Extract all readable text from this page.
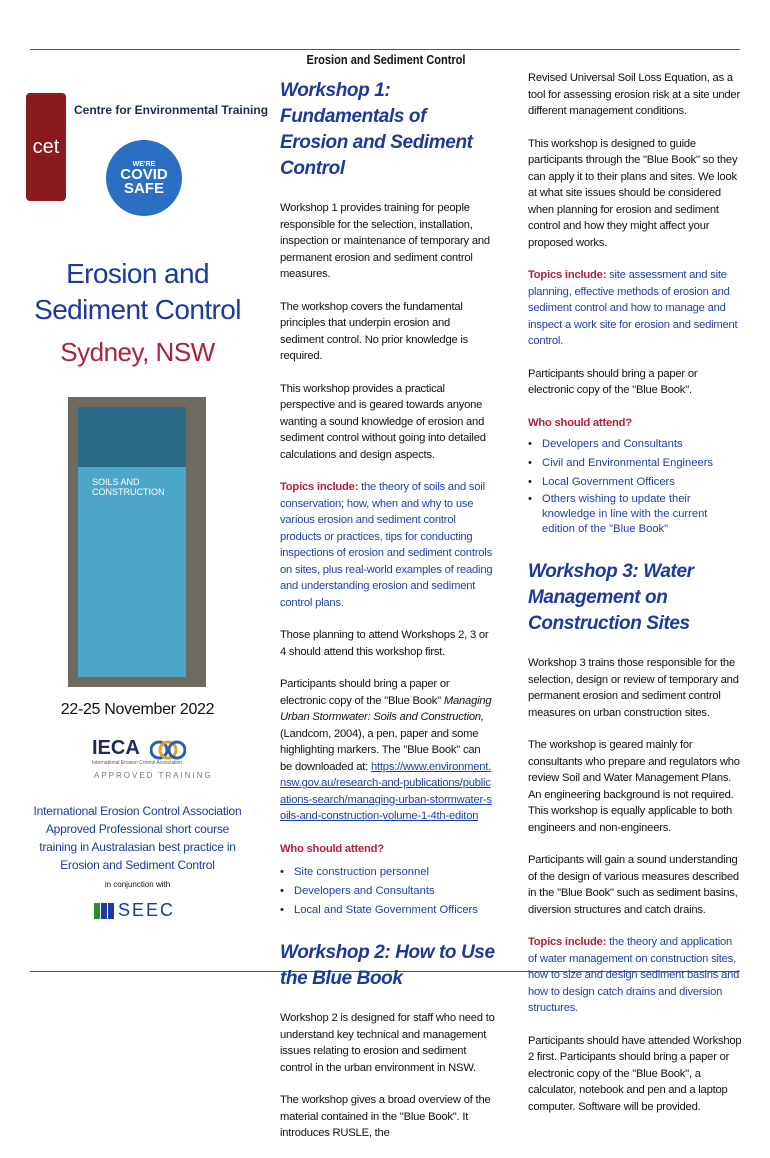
Erosion and Sediment Control
cet
Centre for Environmental Training
WE'RE
COVID
SAFE
Erosion and
Sediment Control
Sydney, NSW
SOILS AND CONSTRUCTION
22-25 November 2022
IECA
International Erosion Control Association
APPROVED TRAINING
International Erosion Control Association Approved Professional short course training in Australasian best practice in Erosion and Sediment Control
in conjunction with
SEEC
Workshop 1: Fundamentals of Erosion and Sediment Control

Workshop 1 provides training for people responsible for the selection, installation, inspection or maintenance of temporary and permanent erosion and sediment control measures.

The workshop covers the fundamental principles that underpin erosion and sediment control. No prior knowledge is required.

This workshop provides a practical perspective and is geared towards anyone wanting a sound knowledge of erosion and sediment control without going into detailed calculations and design aspects.

Topics include: the theory of soils and soil conservation; how, when and why to use various erosion and sediment control products or practices, tips for conducting inspections of erosion and sediment controls on sites, plus real-world examples of reading and understanding erosion and sediment control plans.

Those planning to attend Workshops 2, 3 or 4 should attend this workshop first.

Participants should bring a paper or electronic copy of the "Blue Book" Managing Urban Stormwater: Soils and Construction, (Landcom, 2004), a pen, paper and some highlighting markers. The "Blue Book" can be downloaded at: https://www.environment.nsw.gov.au/research-and-publications/publications-search/managing-urban-stormwater-soils-and-construction-volume-1-4th-editon

Who should attend?

• Site construction personnel
• Developers and Consultants
• Local and State Government Officers
Workshop 2: How to Use the Blue Book

Workshop 2 is designed for staff who need to understand key technical and management issues relating to erosion and sediment control in the urban environment in NSW.

The workshop gives a broad overview of the material contained in the "Blue Book". It introduces RUSLE, the

Revised Universal Soil Loss Equation, as a tool for assessing erosion risk at a site under different management conditions.

This workshop is designed to guide participants through the "Blue Book" so they can apply it to their plans and sites. We look at what site issues should be considered when planning for erosion and sediment control and how they might affect your proposed works.

Topics include: site assessment and site planning, effective methods of erosion and sediment control and how to manage and inspect a work site for erosion and sediment control.

Participants should bring a paper or electronic copy of the "Blue Book".

Who should attend?

• Developers and Consultants
• Civil and Environmental Engineers
• Local Government Officers
• Others wishing to update their knowledge in line with the current edition of the "Blue Book"
Workshop 3: Water Management on Construction Sites

Workshop 3 trains those responsible for the selection, design or review of temporary and permanent erosion and sediment control measures on urban construction sites.

The workshop is geared mainly for consultants who prepare and regulators who review Soil and Water Management Plans. An engineering background is not required. This workshop is equally applicable to both engineers and non-engineers.

Participants will gain a sound understanding of the design of various measures described in the "Blue Book" such as sediment basins, diversion structures and catch drains.

Topics include: the theory and application of water management on construction sites, how to size and design sediment basins and how to design catch drains and diversion structures.

Participants should have attended Workshop 2 first. Participants should bring a paper or electronic copy of the "Blue Book", a calculator, notebook and pen and a laptop computer. Software will be provided.
